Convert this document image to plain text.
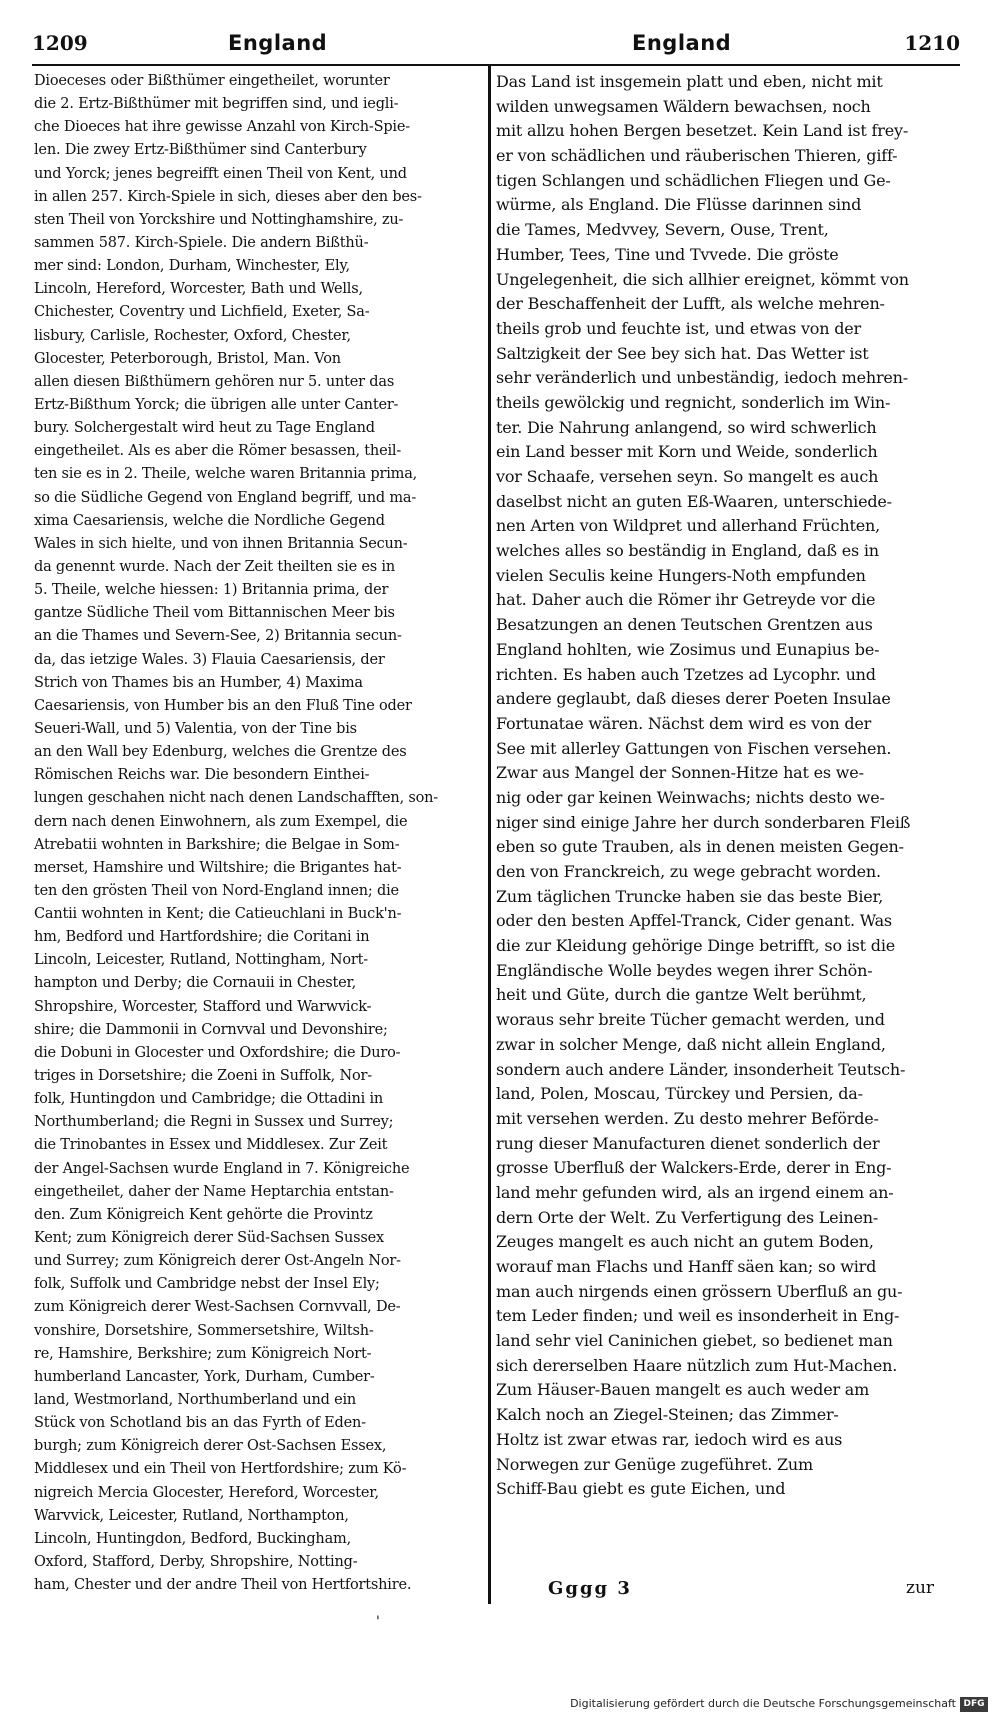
1209	England	England	1210
Dioeceses oder Bißthümer eingetheilet, worunter
die 2. Ertz-Bißthümer mit begriffen sind, und iegli-
che Dioeces hat ihre gewisse Anzahl von Kirch-Spie-
len. Die zwey Ertz-Bißthümer sind Canterbury
und Yorck; jenes begreifft einen Theil von Kent, und
in allen 257. Kirch-Spiele in sich, dieses aber den bes-
sten Theil von Yorckshire und Nottinghamshire, zu-
sammen 587. Kirch-Spiele. Die andern Bißthü-
mer sind: London, Durham, Winchester, Ely,
Lincoln, Hereford, Worcester, Bath und Wells,
Chichester, Coventry und Lichfield, Exeter, Sa-
lisbury, Carlisle, Rochester, Oxford, Chester,
Glocester, Peterborough, Bristol, Man. Von
allen diesen Bißthümern gehören nur 5. unter das
Ertz-Bißthum Yorck; die übrigen alle unter Canter-
bury. Solchergestalt wird heut zu Tage England
eingetheilet. Als es aber die Römer besassen, theil-
ten sie es in 2. Theile, welche waren Britannia prima,
so die Südliche Gegend von England begriff, und ma-
xima Caesariensis, welche die Nordliche Gegend
Wales in sich hielte, und von ihnen Britannia Secun-
da genennt wurde. Nach der Zeit theilten sie es in
5. Theile, welche hiessen: 1) Britannia prima, der
gantze Südliche Theil vom Bittannischen Meer bis
an die Thames und Severn-See, 2) Britannia secun-
da, das ietzige Wales. 3) Flauia Caesariensis, der
Strich von Thames bis an Humber, 4) Maxima
Caesariensis, von Humber bis an den Fluß Tine oder
Seueri-Wall, und 5) Valentia, von der Tine bis
an den Wall bey Edenburg, welches die Grentze des
Römischen Reichs war. Die besondern Einthei-
lungen geschahen nicht nach denen Landschafften, son-
dern nach denen Einwohnern, als zum Exempel, die
Atrebatii wohnten in Barkshire; die Belgae in Som-
merset, Hamshire und Wiltshire; die Brigantes hat-
ten den grösten Theil von Nord-England innen; die
Cantii wohnten in Kent; die Catieuchlani in Buck'n-
hm, Bedford und Hartfordshire; die Coritani in
Lincoln, Leicester, Rutland, Nottingham, Nort-
hampton und Derby; die Cornauii in Chester,
Shropshire, Worcester, Stafford und Warwvick-
shire; die Dammonii in Cornvval und Devonshire;
die Dobuni in Glocester und Oxfordshire; die Duro-
triges in Dorsetshire; die Zoeni in Suffolk, Nor-
folk, Huntingdon und Cambridge; die Ottadini in
Northumberland; die Regni in Sussex und Surrey;
die Trinobantes in Essex und Middlesex. Zur Zeit
der Angel-Sachsen wurde England in 7. Königreiche
eingetheilet, daher der Name Heptarchia entstan-
den. Zum Königreich Kent gehörte die Provintz
Kent; zum Königreich derer Süd-Sachsen Sussex
und Surrey; zum Königreich derer Ost-Angeln Nor-
folk, Suffolk und Cambridge nebst der Insel Ely;
zum Königreich derer West-Sachsen Cornvvall, De-
vonshire, Dorsetshire, Sommersetshire, Wiltsh-
re, Hamshire, Berkshire; zum Königreich Nort-
humberland Lancaster, York, Durham, Cumber-
land, Westmorland, Northumberland und ein
Stück von Schotland bis an das Fyrth of Eden-
burgh; zum Königreich derer Ost-Sachsen Essex,
Middlesex und ein Theil von Hertfordshire; zum Kö-
nigreich Mercia Glocester, Hereford, Worcester,
Warvvick, Leicester, Rutland, Northampton,
Lincoln, Huntingdon, Bedford, Buckingham,
Oxford, Stafford, Derby, Shropshire, Notting-
ham, Chester und der andre Theil von Hertfortshire.
Das Land ist insgemein platt und eben, nicht mit
wilden unwegsamen Wäldern bewachsen, noch
mit allzu hohen Bergen besetzet. Kein Land ist frey-
er von schädlichen und räuberischen Thieren, giff-
tigen Schlangen und schädlichen Fliegen und Ge-
würme, als England. Die Flüsse darinnen sind
die Tames, Medvvey, Severn, Ouse, Trent,
Humber, Tees, Tine und Tvvede. Die gröste
Ungelegenheit, die sich allhier ereignet, kömmt von
der Beschaffenheit der Lufft, als welche mehren-
theils grob und feuchte ist, und etwas von der
Saltzigkeit der See bey sich hat. Das Wetter ist
sehr veränderlich und unbeständig, iedoch mehren-
theils gewölckig und regnicht, sonderlich im Win-
ter. Die Nahrung anlangend, so wird schwerlich
ein Land besser mit Korn und Weide, sonderlich
vor Schaafe, versehen seyn. So mangelt es auch
daselbst nicht an guten Eß-Waaren, unterschiede-
nen Arten von Wildpret und allerhand Früchten,
welches alles so beständig in England, daß es in
vielen Seculis keine Hungers-Noth empfunden
hat. Daher auch die Römer ihr Getreyde vor die
Besatzungen an denen Teutschen Grentzen aus
England hohlten, wie Zosimus und Eunapius be-
richten. Es haben auch Tzetzes ad Lycophr. und
andere geglaubt, daß dieses derer Poeten Insulae
Fortunatae wären. Nächst dem wird es von der
See mit allerley Gattungen von Fischen versehen.
Zwar aus Mangel der Sonnen-Hitze hat es we-
nig oder gar keinen Weinwachs; nichts desto we-
niger sind einige Jahre her durch sonderbaren Fleiß
eben so gute Trauben, als in denen meisten Gegen-
den von Franckreich, zu wege gebracht worden.
Zum täglichen Truncke haben sie das beste Bier,
oder den besten Apffel-Tranck, Cider genant. Was
die zur Kleidung gehörige Dinge betrifft, so ist die
Engländische Wolle beydes wegen ihrer Schön-
heit und Güte, durch die gantze Welt berühmt,
woraus sehr breite Tücher gemacht werden, und
zwar in solcher Menge, daß nicht allein England,
sondern auch andere Länder, insonderheit Teutsch-
land, Polen, Moscau, Türckey und Persien, da-
mit versehen werden. Zu desto mehrer Beförde-
rung dieser Manufacturen dienet sonderlich der
grosse Uberfluß der Walckers-Erde, derer in Eng-
land mehr gefunden wird, als an irgend einem an-
dern Orte der Welt. Zu Verfertigung des Leinen-
Zeuges mangelt es auch nicht an gutem Boden,
worauf man Flachs und Hanff säen kan; so wird
man auch nirgends einen grössern Uberfluß an gu-
tem Leder finden; und weil es insonderheit in Eng-
land sehr viel Caninichen giebet, so bedienet man
sich dererselben Haare nützlich zum Hut-Machen.
Zum Häuser-Bauen mangelt es auch weder am
Kalch noch an Ziegel-Steinen; das Zimmer-
Holtz ist zwar etwas rar, iedoch wird es aus
Norwegen zur Genüge zugeführet. Zum
Schiff-Bau giebt es gute Eichen, und
Gggg 3	zur
'
Digitalisierung gefördert durch die Deutsche Forschungsgemeinschaft DFG
